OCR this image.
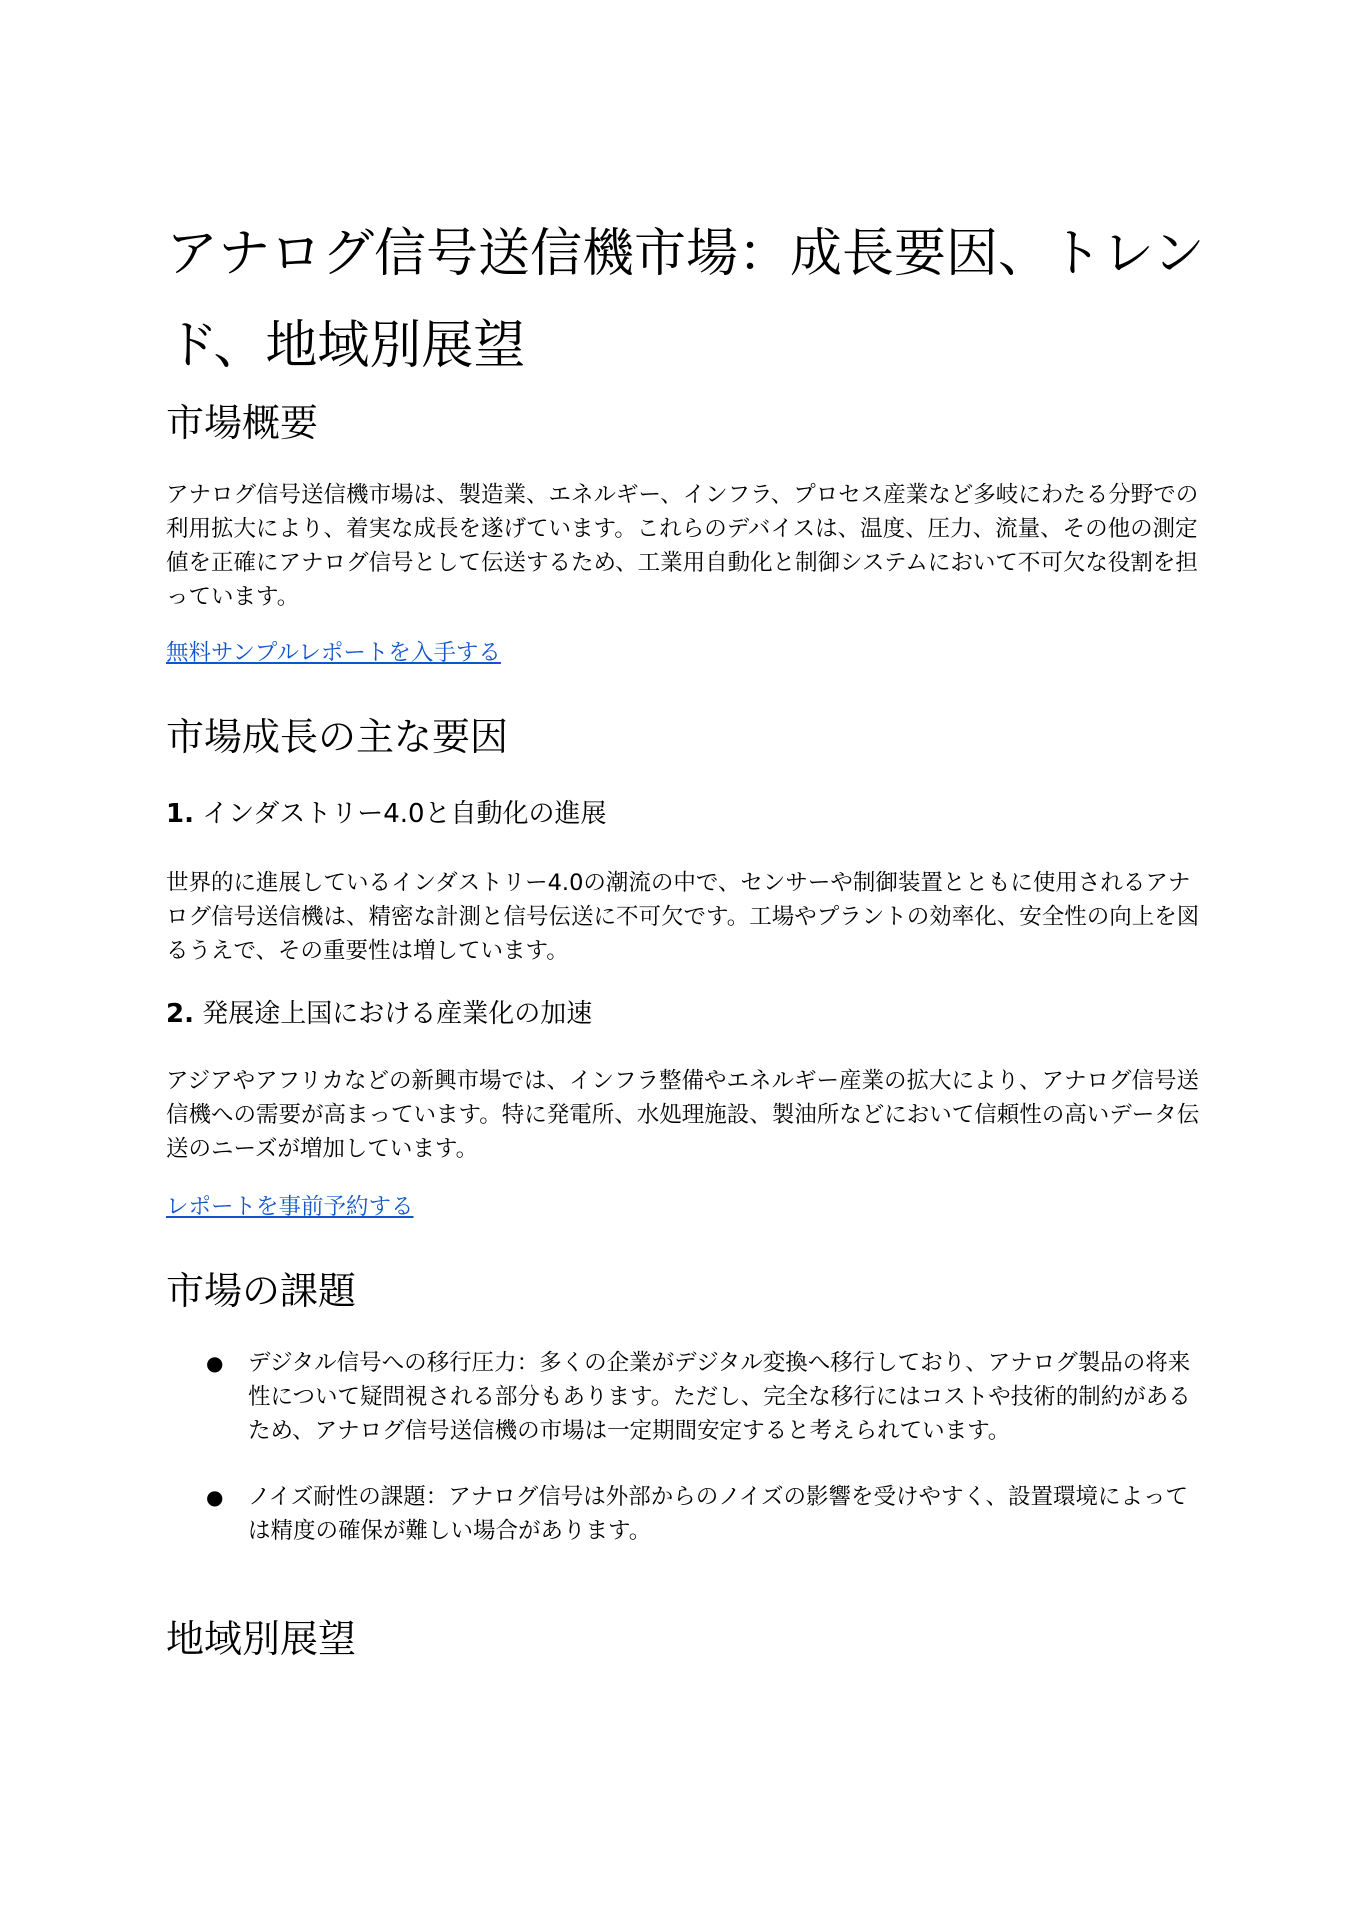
アナログ信号送信機市場：成長要因、トレンド、地域別展望
市場概要

アナログ信号送信機市場は、製造業、エネルギー、インフラ、プロセス産業など多岐にわたる分野での利用拡大により、着実な成長を遂げています。これらのデバイスは、温度、圧力、流量、その他の測定値を正確にアナログ信号として伝送するため、工業用自動化と制御システムにおいて不可欠な役割を担っています。

無料サンプルレポートを入手する
市場成長の主な要因
1. インダストリー4.0と自動化の進展

世界的に進展しているインダストリー4.0の潮流の中で、センサーや制御装置とともに使用されるアナログ信号送信機は、精密な計測と信号伝送に不可欠です。工場やプラントの効率化、安全性の向上を図るうえで、その重要性は増しています。

2. 発展途上国における産業化の加速

アジアやアフリカなどの新興市場では、インフラ整備やエネルギー産業の拡大により、アナログ信号送信機への需要が高まっています。特に発電所、水処理施設、製油所などにおいて信頼性の高いデータ伝送のニーズが増加しています。

レポートを事前予約する
市場の課題
● デジタル信号への移行圧力：多くの企業がデジタル変換へ移行しており、アナログ製品の将来性について疑問視される部分もあります。ただし、完全な移行にはコストや技術的制約があるため、アナログ信号送信機の市場は一定期間安定すると考えられています。
● ノイズ耐性の課題：アナログ信号は外部からのノイズの影響を受けやすく、設置環境によっては精度の確保が難しい場合があります。
地域別展望
